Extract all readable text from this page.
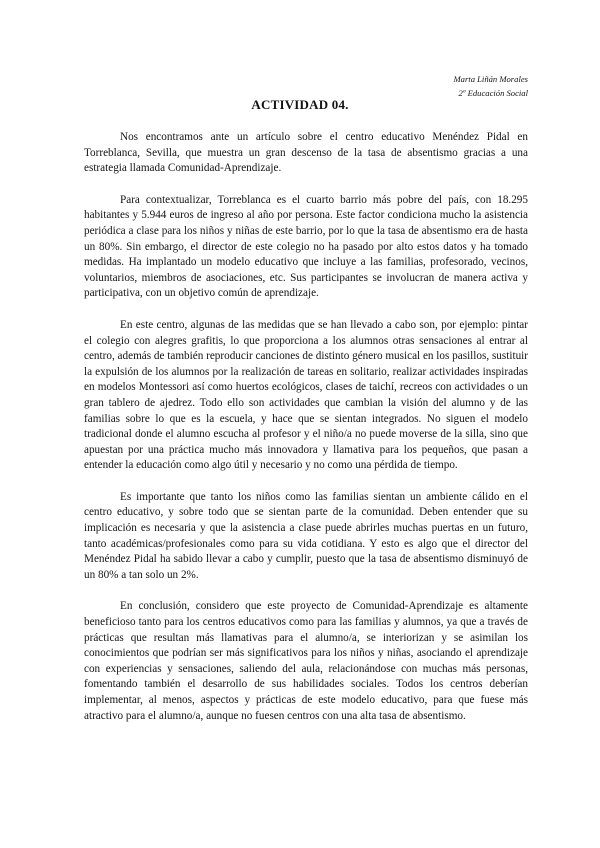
Marta Liñán Morales
2º Educación Social
ACTIVIDAD 04.

Nos encontramos ante un artículo sobre el centro educativo Menéndez Pidal en Torreblanca, Sevilla, que muestra un gran descenso de la tasa de absentismo gracias a una estrategia llamada Comunidad-Aprendizaje.

Para contextualizar, Torreblanca es el cuarto barrio más pobre del país, con 18.295 habitantes y 5.944 euros de ingreso al año por persona. Este factor condiciona mucho la asistencia periódica a clase para los niños y niñas de este barrio, por lo que la tasa de absentismo era de hasta un 80%. Sin embargo, el director de este colegio no ha pasado por alto estos datos y ha tomado medidas. Ha implantado un modelo educativo que incluye a las familias, profesorado, vecinos, voluntarios, miembros de asociaciones, etc. Sus participantes se involucran de manera activa y participativa, con un objetivo común de aprendizaje.

En este centro, algunas de las medidas que se han llevado a cabo son, por ejemplo: pintar el colegio con alegres grafitis, lo que proporciona a los alumnos otras sensaciones al entrar al centro, además de también reproducir canciones de distinto género musical en los pasillos, sustituir la expulsión de los alumnos por la realización de tareas en solitario, realizar actividades inspiradas en modelos Montessori así como huertos ecológicos, clases de taichí, recreos con actividades o un gran tablero de ajedrez. Todo ello son actividades que cambian la visión del alumno y de las familias sobre lo que es la escuela, y hace que se sientan integrados. No siguen el modelo tradicional donde el alumno escucha al profesor y el niño/a no puede moverse de la silla, sino que apuestan por una práctica mucho más innovadora y llamativa para los pequeños, que pasan a entender la educación como algo útil y necesario y no como una pérdida de tiempo.

Es importante que tanto los niños como las familias sientan un ambiente cálido en el centro educativo, y sobre todo que se sientan parte de la comunidad. Deben entender que su implicación es necesaria y que la asistencia a clase puede abrirles muchas puertas en un futuro, tanto académicas/profesionales como para su vida cotidiana. Y esto es algo que el director del Menéndez Pidal ha sabido llevar a cabo y cumplir, puesto que la tasa de absentismo disminuyó de un 80% a tan solo un 2%.

En conclusión, considero que este proyecto de Comunidad-Aprendizaje es altamente beneficioso tanto para los centros educativos como para las familias y alumnos, ya que a través de prácticas que resultan más llamativas para el alumno/a, se interiorizan y se asimilan los conocimientos que podrían ser más significativos para los niños y niñas, asociando el aprendizaje con experiencias y sensaciones, saliendo del aula, relacionándose con muchas más personas, fomentando también el desarrollo de sus habilidades sociales. Todos los centros deberían implementar, al menos, aspectos y prácticas de este modelo educativo, para que fuese más atractivo para el alumno/a, aunque no fuesen centros con una alta tasa de absentismo.
